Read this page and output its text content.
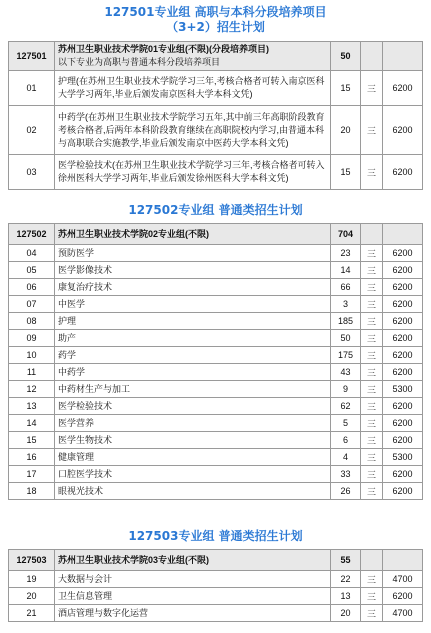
127501专业组 高职与本科分段培养项目
（3+2）招生计划
127501	苏州卫生职业技术学院01专业组(不限)(分段培养项目)
以下专业为高职与普通本科分段培养项目	50		
01	护理(在苏州卫生职业技术学院学习三年,考核合格者可转入南京医科大学学习两年,毕业后颁发南京医科大学本科文凭)	15	三	6200
02	中药学(在苏州卫生职业技术学院学习五年,其中前三年高职阶段教育考核合格者,后两年本科阶段教育继续在高职院校内学习,由普通本科与高职联合实施教学,毕业后颁发南京中医药大学本科文凭)	20	三	6200
03	医学检验技术(在苏州卫生职业技术学院学习三年,考核合格者可转入徐州医科大学学习两年,毕业后颁发徐州医科大学本科文凭)	15	三	6200
127502专业组 普通类招生计划
127502	苏州卫生职业技术学院02专业组(不限)	704		
04	预防医学	23	三	6200
05	医学影像技术	14	三	6200
06	康复治疗技术	66	三	6200
07	中医学	3	三	6200
08	护理	185	三	6200
09	助产	50	三	6200
10	药学	175	三	6200
11	中药学	43	三	6200
12	中药材生产与加工	9	三	5300
13	医学检验技术	62	三	6200
14	医学营养	5	三	6200
15	医学生物技术	6	三	6200
16	健康管理	4	三	5300
17	口腔医学技术	33	三	6200
18	眼视光技术	26	三	6200
127503专业组 普通类招生计划
127503	苏州卫生职业技术学院03专业组(不限)	55		
19	大数据与会计	22	三	4700
20	卫生信息管理	13	三	6200
21	酒店管理与数字化运营	20	三	4700
